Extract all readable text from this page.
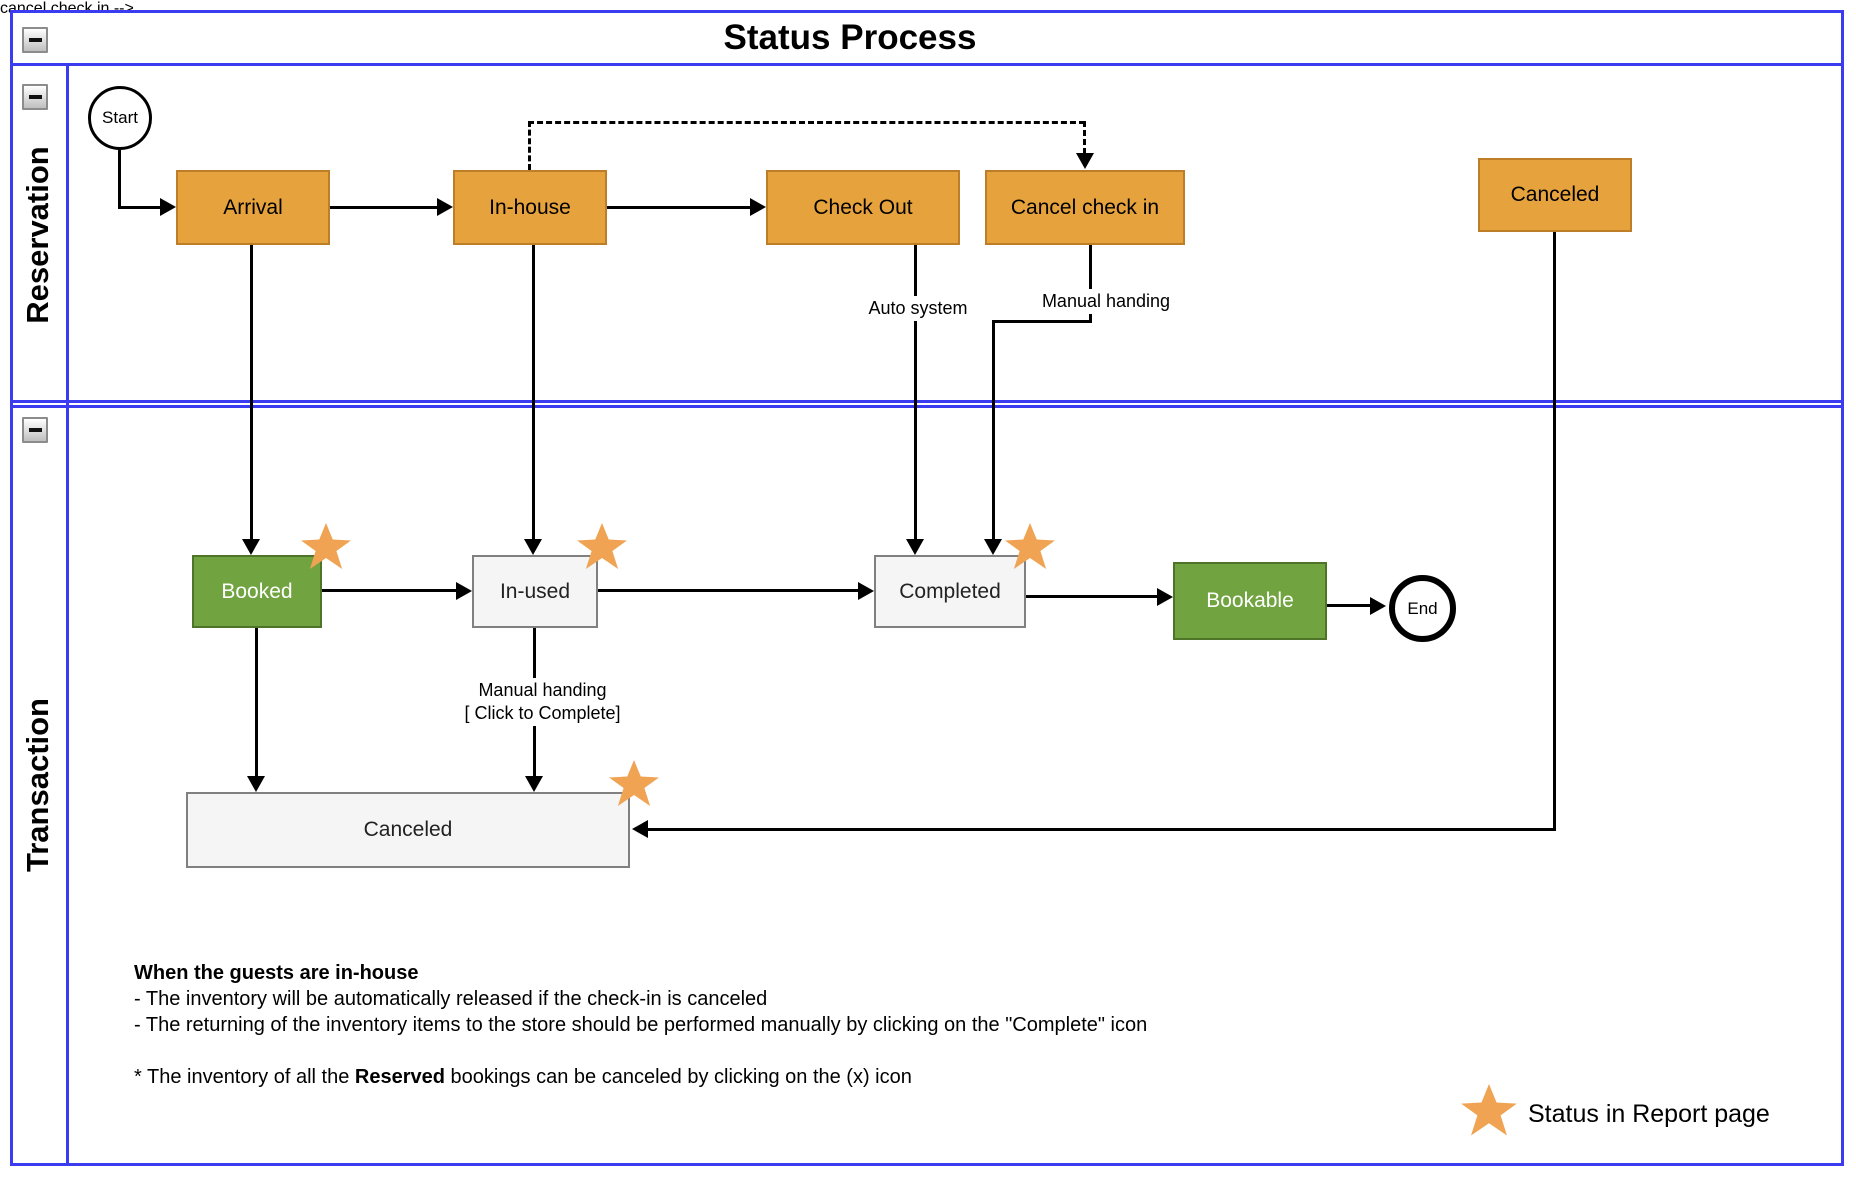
Status Process
Reservation
Transaction
Start
Arrival	In-house	Check Out	Cancel check in
Canceled
Booked	In-used	Completed	Bookable	End
Canceled
cancel check in -->
Auto system	Manual handing
Manual handing
[ Click to Complete]
When the guests are in-house
- The inventory will be automatically released if the check-in is canceled
- The returning of the inventory items to the store should be performed manually by clicking on the "Complete" icon
* The inventory of all the Reserved bookings can be canceled by clicking on the (x) icon
Status in Report page
